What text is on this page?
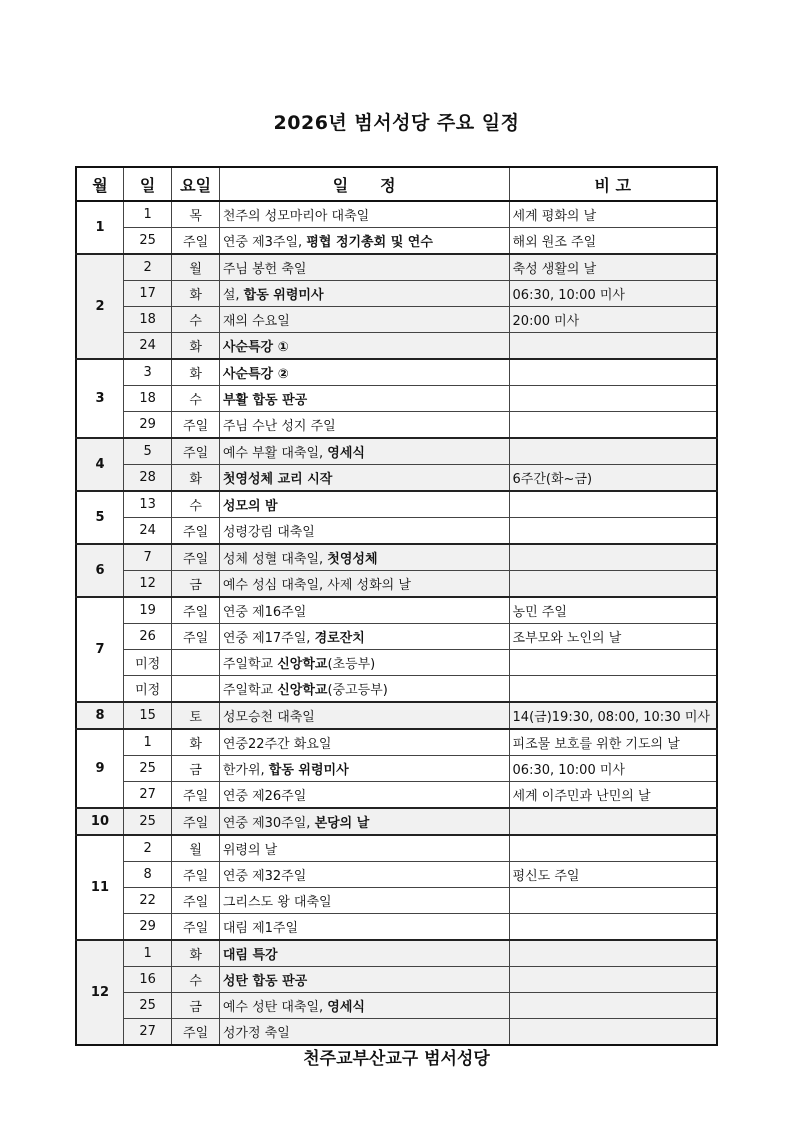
2026년 범서성당 주요 일정
월	일	요일	일　　정	비 고
1	1	목	천주의 성모마리아 대축일	세계 평화의 날
	25	주일	연중 제3주일, 평협 정기총회 및 연수	해외 원조 주일
2	2	월	주님 봉헌 축일	축성 생활의 날
	17	화	설, 합동 위령미사	06:30, 10:00 미사
	18	수	재의 수요일	20:00 미사
	24	화	사순특강 ①	
3	3	화	사순특강 ②	
	18	수	부활 합동 판공	
	29	주일	주님 수난 성지 주일	
4	5	주일	예수 부활 대축일, 영세식	
	28	화	첫영성체 교리 시작	6주간(화~금)
5	13	수	성모의 밤	
	24	주일	성령강림 대축일	
6	7	주일	성체 성혈 대축일, 첫영성체	
	12	금	예수 성심 대축일, 사제 성화의 날	
7	19	주일	연중 제16주일	농민 주일
	26	주일	연중 제17주일, 경로잔치	조부모와 노인의 날
	미정		주일학교 신앙학교(초등부)	
	미정		주일학교 신앙학교(중고등부)	
8	15	토	성모승천 대축일	14(금)19:30, 08:00, 10:30 미사
9	1	화	연중22주간 화요일	피조물 보호를 위한 기도의 날
	25	금	한가위, 합동 위령미사	06:30, 10:00 미사
	27	주일	연중 제26주일	세계 이주민과 난민의 날
10	25	주일	연중 제30주일, 본당의 날	
11	2	월	위령의 날	
	8	주일	연중 제32주일	평신도 주일
	22	주일	그리스도 왕 대축일	
	29	주일	대림 제1주일	
12	1	화	대림 특강	
	16	수	성탄 합동 판공	
	25	금	예수 성탄 대축일, 영세식	
	27	주일	성가정 축일	
천주교부산교구 범서성당
